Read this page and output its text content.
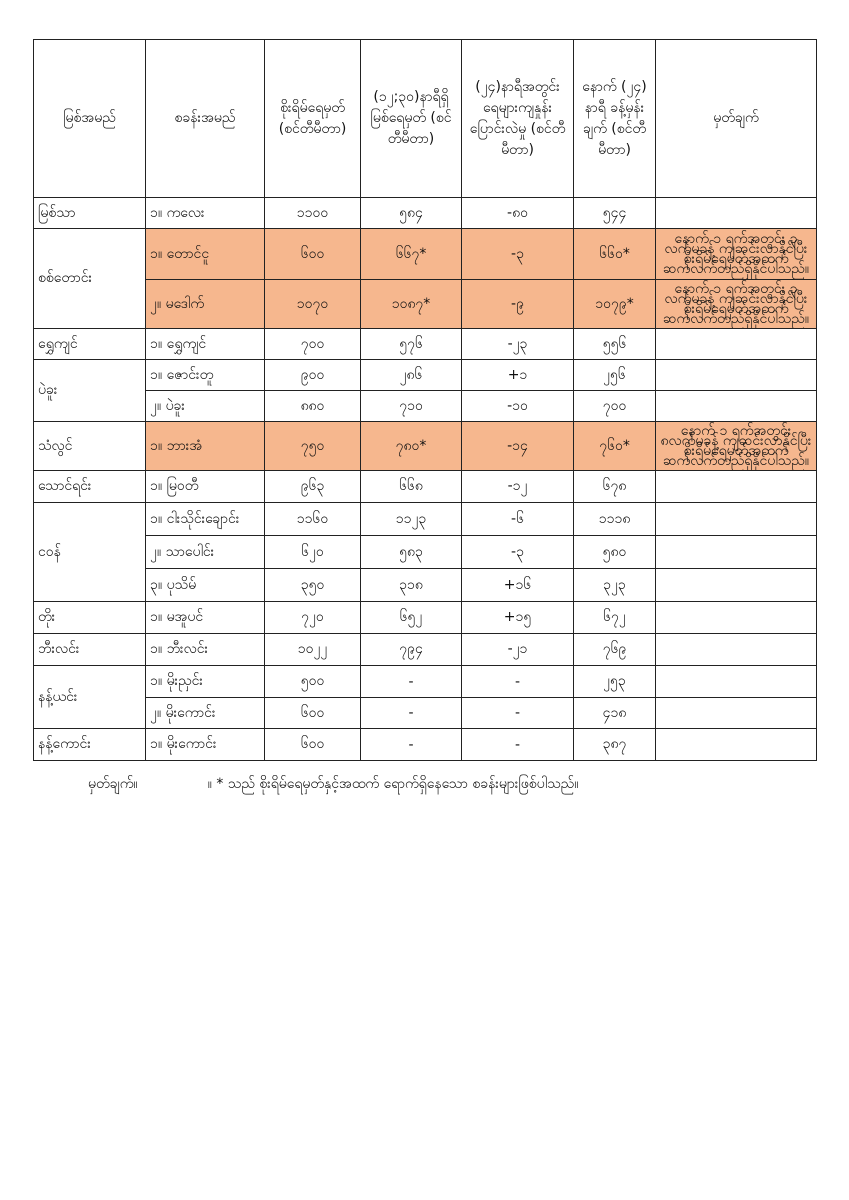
မြစ်အမည်	စခန်းအမည်	စိုးရိမ်ရေမှတ် (စင်တီမီတာ)	(၁၂;၃၀)နာရီရှိ မြစ်ရေမှတ် (စင်တီမီတာ)	(၂၄)နာရီအတွင်း ရေများကျနှုန်းပြောင်းလဲမှု (စင်တီမီတာ)	နောက် (၂၄) နာရီ ခန့်မှန်းချက် (စင်တီမီတာ)	မှတ်ချက်
မြစ်သာ	၁။ ကလေး	၁၁၀၀	၅၈၄	-၈၀	၅၄၄	
စစ်တောင်း	၁။ တောင်ငူ	၆၀၀	၆၆၇*	-၃	၆၆၀*	နောက် ၁ ရက်အတွင်း ၃ လက်မခန့် ကျဆင်းလာနိုင်ပြီး စိုးရိမ်ရေမှတ်အထက် ဆက်လက်တည်ရှိနိုင်ပါသည်။
	၂။ မဒေါက်	၁၀၇၀	၁၀၈၇*	-၉	၁၀၇၉*	နောက် ၁ ရက်အတွင်း ၃ လက်မခန့် ကျဆင်းလာနိုင်ပြီး စိုးရိမ်ရေမှတ်အထက် ဆက်လက်တည်ရှိနိုင်ပါသည်။
ရွှေကျင်	၁။ ရွှေကျင်	၇၀၀	၅၇၆	-၂၃	၅၅၆	
ပဲခူး	၁။ ဇောင်းတူ	၉၀၀	၂၈၆	+၁	၂၅၆	
	၂။ ပဲခူး	၈၈၀	၇၁၀	-၁၀	၇၀၀	
သံလွင်	၁။ ဘားအံ	၇၅၀	၇၈၀*	-၁၄	၇၆၀*	နောက် ၁ ရက်အတွင်း ၈လက်မခန့် ကျဆင်းလာနိုင်ပြီး စိုးရိမ်ရေမှတ်အထက် ဆက်လက်တည်ရှိနိုင်ပါသည်။
သောင်ရင်း	၁။ မြဝတီ	၉၆၃	၆၆၈	-၁၂	၆၇၈	
ငဝန်	၁။ ငါးသိုင်းချောင်း	၁၁၆၀	၁၁၂၃	-၆	၁၁၁၈	
	၂။ သာပေါင်း	၆၂၀	၅၈၃	-၃	၅၈၀	
	၃။ ပုသိမ်	၃၅၀	၃၁၈	+၁၆	၃၂၃	
တိုး	၁။ မအူပင်	၇၂၀	၆၅၂	+၁၅	၆၇၂	
ဘီးလင်း	၁။ ဘီးလင်း	၁၀၂၂	၇၉၄	-၂၁	၇၆၉	
နန့်ယင်း	၁။ မိုးညှင်း	၅၀၀	-	-	၂၅၃	
	၂။ မိုးကောင်း	၆၀၀	-	-	၄၁၈	
နန့်ကောင်း	၁။ မိုးကောင်း	၆၀၀	-	-	၃၈၇	
မှတ်ချက်။	။ * သည် စိုးရိမ်ရေမှတ်နှင့်အထက် ရောက်ရှိနေသော စခန်းများဖြစ်ပါသည်။
